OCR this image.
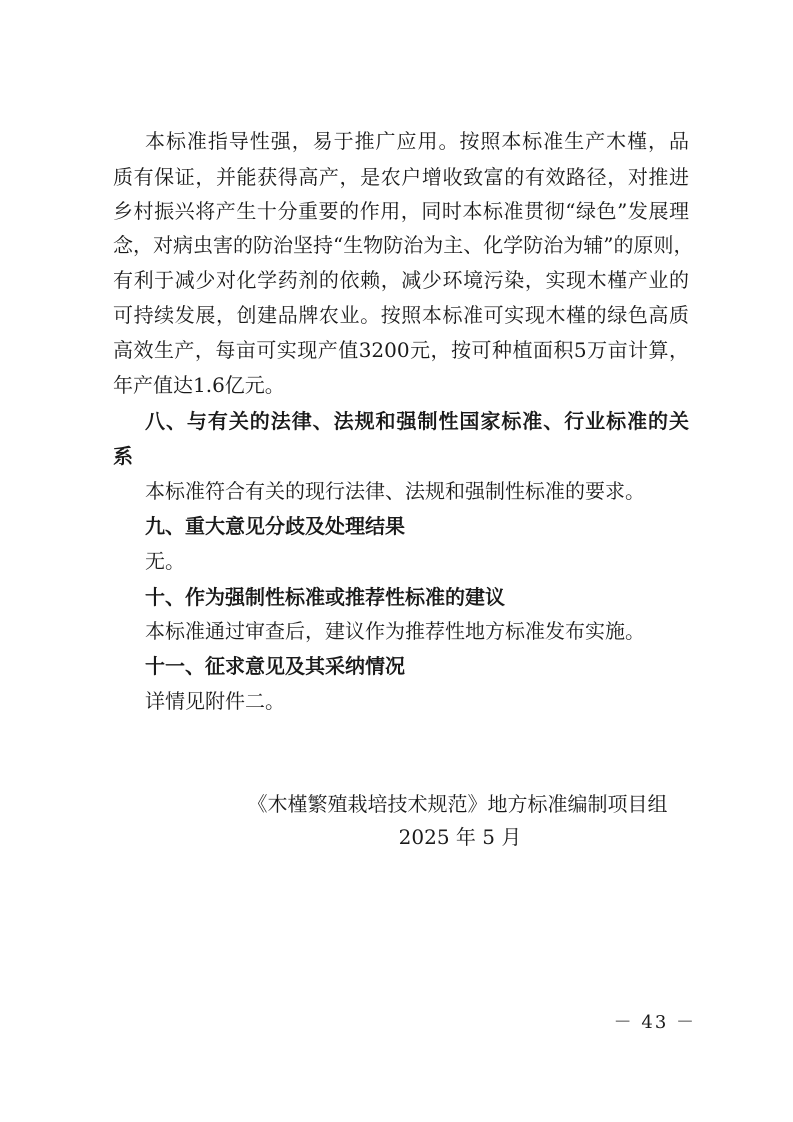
本标准指导性强，易于推广应用。按照本标准生产木槿，品

质有保证，并能获得高产，是农户增收致富的有效路径，对推进

乡村振兴将产生十分重要的作用，同时本标准贯彻“绿色”发展理

念，对病虫害的防治坚持“生物防治为主、化学防治为辅”的原则，

有利于减少对化学药剂的依赖，减少环境污染，实现木槿产业的

可持续发展，创建品牌农业。按照本标准可实现木槿的绿色高质

高效生产，每亩可实现产值3200元，按可种植面积5万亩计算，

年产值达1.6亿元。

八、与有关的法律、法规和强制性国家标准、行业标准的关

系

本标准符合有关的现行法律、法规和强制性标准的要求。

九、重大意见分歧及处理结果

无。

十、作为强制性标准或推荐性标准的建议

本标准通过审查后，建议作为推荐性地方标准发布实施。

十一、征求意见及其采纳情况

详情见附件二。

《木槿繁殖栽培技术规范》地方标准编制项目组
2025 年 5 月
－ 43 －
